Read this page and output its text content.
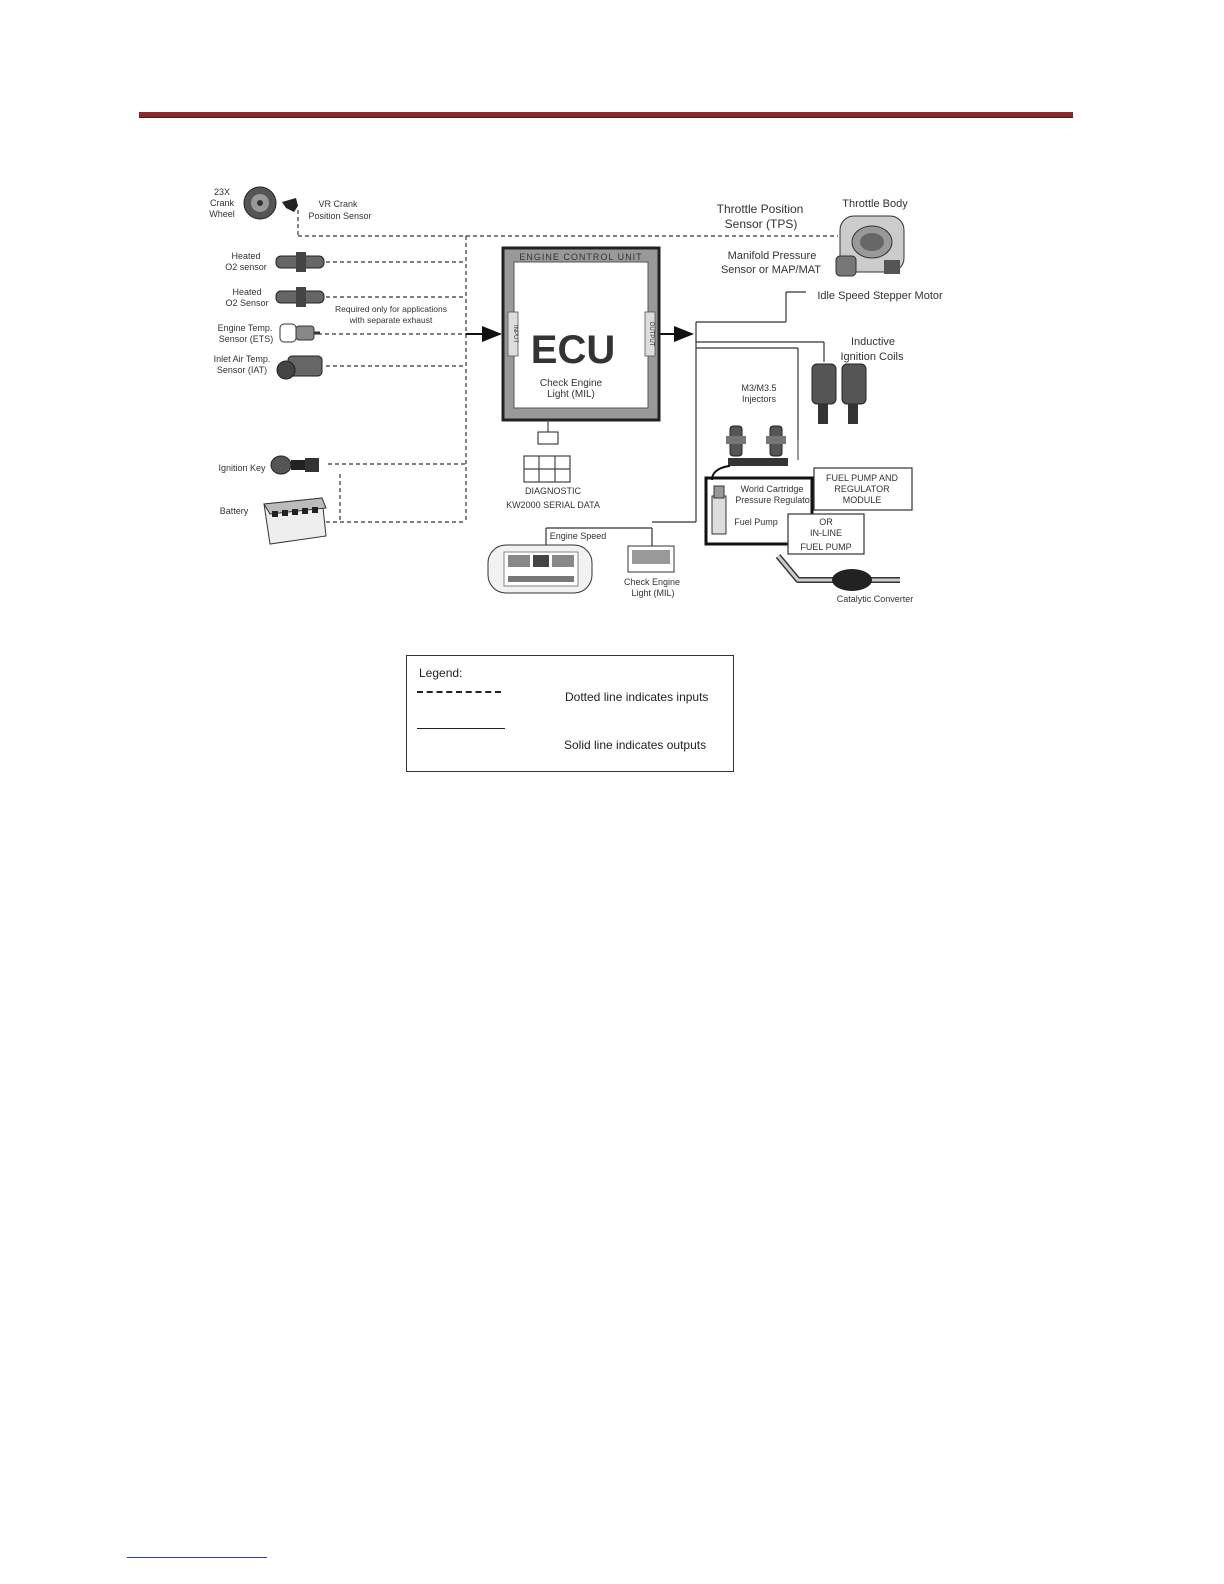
ENGINE CONTROL UNIT
INPUT	OUTPUT
ECU
Check Engine
Light (MIL)
DIAGNOSTIC
KW2000 SERIAL DATA
23X
Crank
Wheel
VR Crank
Position Sensor
Heated
O2 sensor
Heated
O2 Sensor
Required only for applications
with separate exhaust
Engine Temp.
Sensor (ETS)
Inlet Air Temp.
Sensor (IAT)
Ignition Key
Battery
Throttle Position
Sensor (TPS)
Throttle Body
Manifold Pressure
Sensor or MAP/MAT
Idle Speed Stepper Motor
Inductive
Ignition Coils
M3/M3.5
Injectors
World Cartridge
Pressure Regulator
Fuel Pump
FUEL PUMP AND
REGULATOR
MODULE
OR
IN-LINE
FUEL PUMP
Catalytic Converter
Engine Speed
Check Engine
Light (MIL)
Legend:
Dotted line indicates inputs
Solid line indicates outputs
